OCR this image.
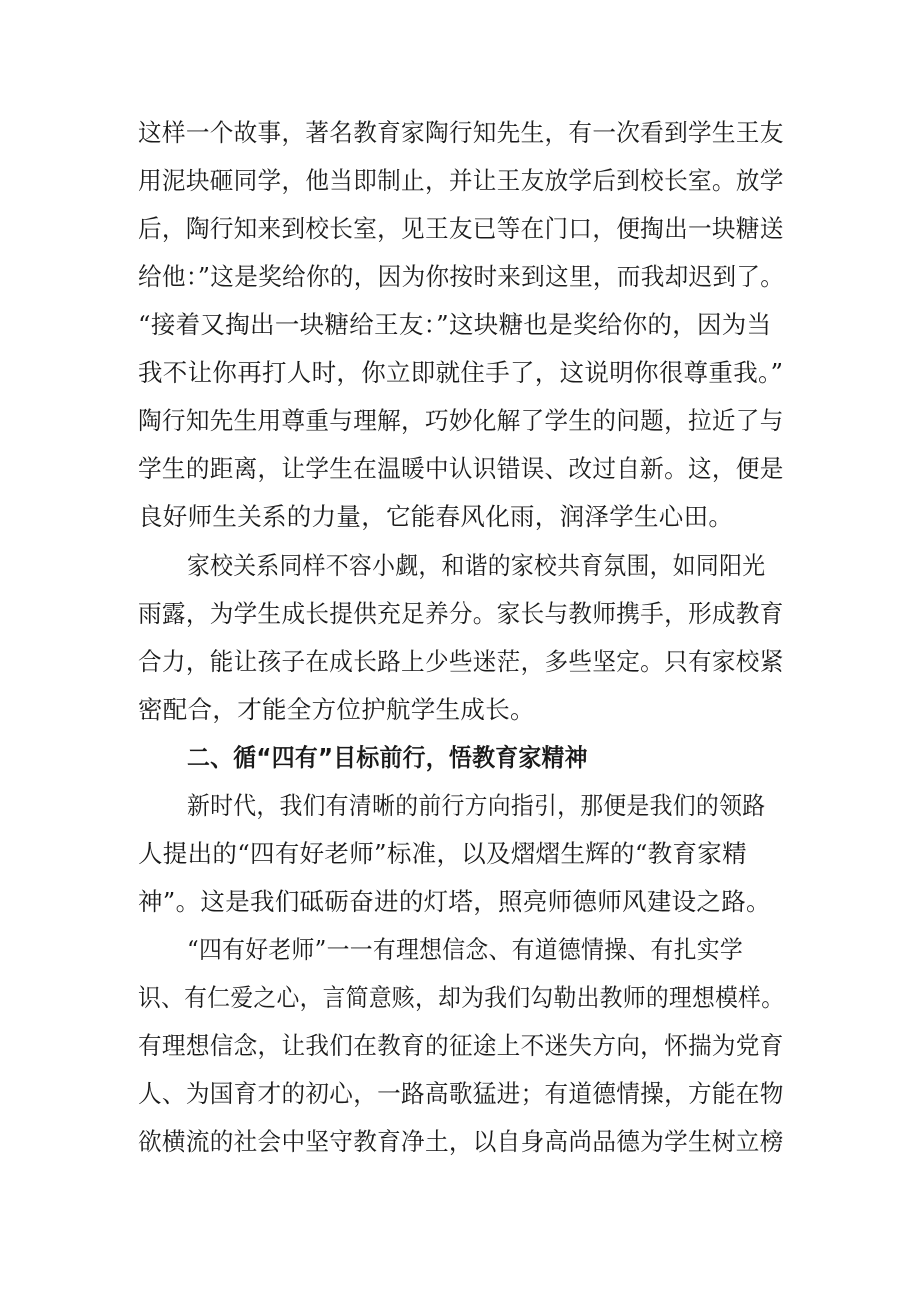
这样一个故事，著名教育家陶行知先生，有一次看到学生王友
用泥块砸同学，他当即制止，并让王友放学后到校长室。放学
后，陶行知来到校长室，见王友已等在门口，便掏出一块糖送
给他：”这是奖给你的，因为你按时来到这里，而我却迟到了。
“接着又掏出一块糖给王友：”这块糖也是奖给你的，因为当
我不让你再打人时，你立即就住手了，这说明你很尊重我。”
陶行知先生用尊重与理解，巧妙化解了学生的问题，拉近了与
学生的距离，让学生在温暖中认识错误、改过自新。这，便是
良好师生关系的力量，它能春风化雨，润泽学生心田。
家校关系同样不容小觑，和谐的家校共育氛围，如同阳光
雨露，为学生成长提供充足养分。家长与教师携手，形成教育
合力，能让孩子在成长路上少些迷茫，多些坚定。只有家校紧
密配合，才能全方位护航学生成长。
二、循“四有”目标前行，悟教育家精神
新时代，我们有清晰的前行方向指引，那便是我们的领路
人提出的“四有好老师”标准，以及熠熠生辉的“教育家精
神”。这是我们砥砺奋进的灯塔，照亮师德师风建设之路。
“四有好老师”一一有理想信念、有道德情操、有扎实学
识、有仁爱之心，言简意赅，却为我们勾勒出教师的理想模样。
有理想信念，让我们在教育的征途上不迷失方向，怀揣为党育
人、为国育才的初心，一路高歌猛进；有道德情操，方能在物
欲横流的社会中坚守教育净土，以自身高尚品德为学生树立榜
